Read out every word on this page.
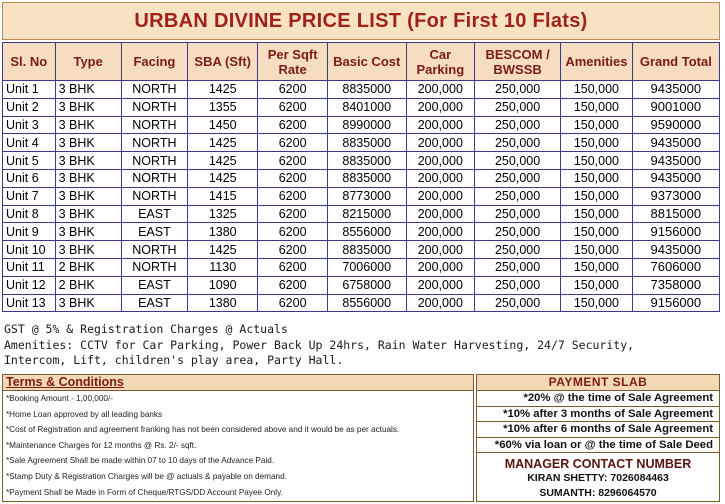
URBAN DIVINE PRICE LIST (For First 10 Flats)
Sl. No	Type	Facing	SBA (Sft)	Per Sqft Rate	Basic Cost	Car Parking	BESCOM / BWSSB	Amenities	Grand Total
Unit 1	3 BHK	NORTH	1425	6200	8835000	200,000	250,000	150,000	9435000
Unit 2	3 BHK	NORTH	1355	6200	8401000	200,000	250,000	150,000	9001000
Unit 3	3 BHK	NORTH	1450	6200	8990000	200,000	250,000	150,000	9590000
Unit 4	3 BHK	NORTH	1425	6200	8835000	200,000	250,000	150,000	9435000
Unit 5	3 BHK	NORTH	1425	6200	8835000	200,000	250,000	150,000	9435000
Unit 6	3 BHK	NORTH	1425	6200	8835000	200,000	250,000	150,000	9435000
Unit 7	3 BHK	NORTH	1415	6200	8773000	200,000	250,000	150,000	9373000
Unit 8	3 BHK	EAST	1325	6200	8215000	200,000	250,000	150,000	8815000
Unit 9	3 BHK	EAST	1380	6200	8556000	200,000	250,000	150,000	9156000
Unit 10	3 BHK	NORTH	1425	6200	8835000	200,000	250,000	150,000	9435000
Unit 11	2 BHK	NORTH	1130	6200	7006000	200,000	250,000	150,000	7606000
Unit 12	2 BHK	EAST	1090	6200	6758000	200,000	250,000	150,000	7358000
Unit 13	3 BHK	EAST	1380	6200	8556000	200,000	250,000	150,000	9156000
GST @ 5% & Registration Charges @ Actuals
Amenities: CCTV for Car Parking, Power Back Up 24hrs, Rain Water Harvesting, 24/7 Security,
Intercom, Lift, children's play area, Party Hall.
Terms & Conditions
*Booking Amount - 1,00,000/-
*Home Loan approved by all leading banks
*Cost of Registration and agreement franking has not been considered above and it would be as per actuals.
*Maintenance Charges for 12 months @ Rs. 2/- sqft.
*Sale Agreement Shall be made within 07 to 10 days of the Advance Paid.
*Stamp Duty & Registration Charges will be @ actuals & payable on demand.
*Payment Shall be Made in Form of Cheque/RTGS/DD Account Payee Only.
PAYMENT SLAB
*20% @ the time of Sale Agreement
*10% after 3 months of Sale Agreement
*10% after 6 months of Sale Agreement
*60% via loan or @ the time of Sale Deed
MANAGER CONTACT NUMBER
KIRAN SHETTY: 7026084463
SUMANTH: 8296064570
